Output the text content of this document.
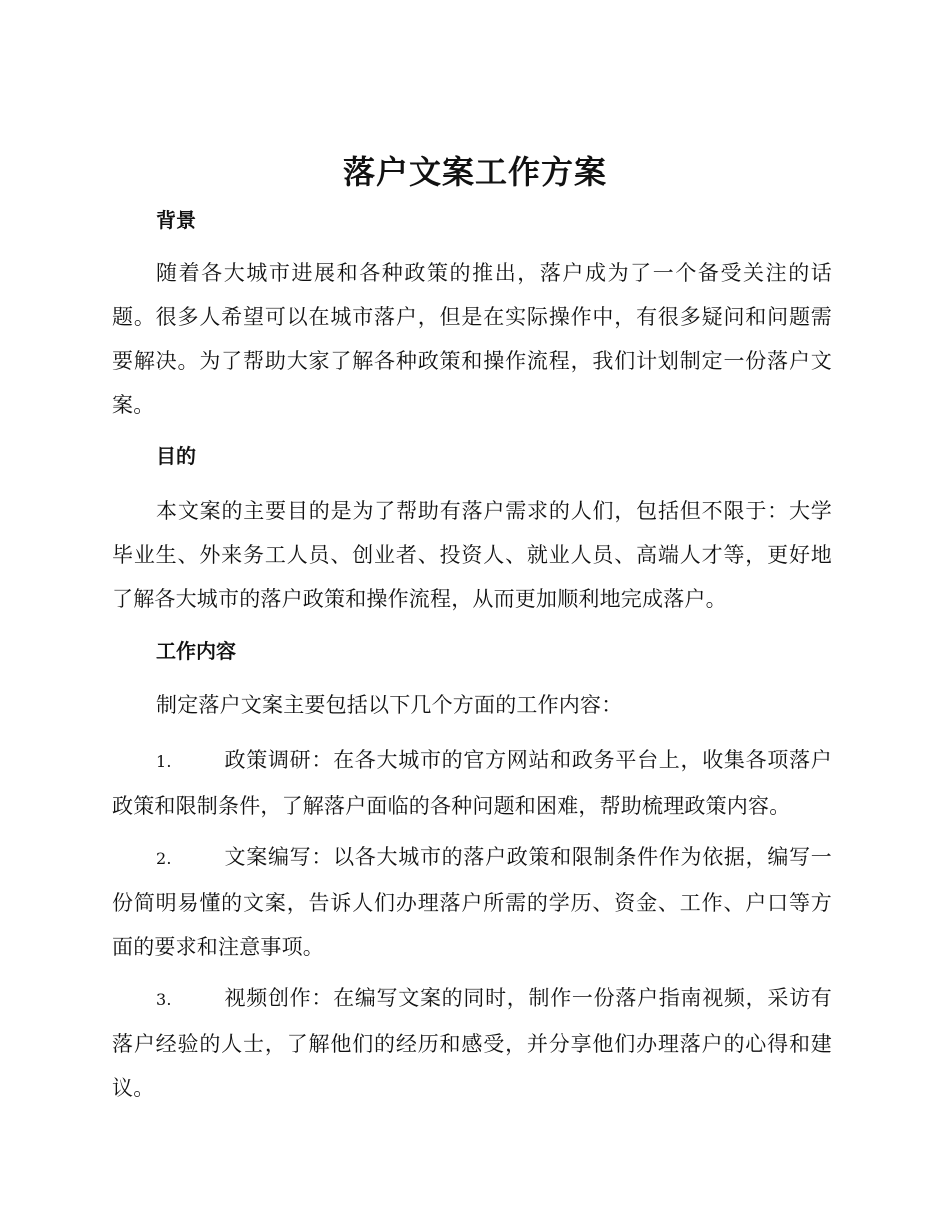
落户文案工作方案
背景
随着各大城市进展和各种政策的推出，落户成为了一个备受关注的话题。很多人希望可以在城市落户，但是在实际操作中，有很多疑问和问题需要解决。为了帮助大家了解各种政策和操作流程，我们计划制定一份落户文案。
目的
本文案的主要目的是为了帮助有落户需求的人们，包括但不限于：大学毕业生、外来务工人员、创业者、投资人、就业人员、高端人才等，更好地了解各大城市的落户政策和操作流程，从而更加顺利地完成落户。
工作内容
制定落户文案主要包括以下几个方面的工作内容：
1. 政策调研：在各大城市的官方网站和政务平台上，收集各项落户政策和限制条件，了解落户面临的各种问题和困难，帮助梳理政策内容。
2. 文案编写：以各大城市的落户政策和限制条件作为依据，编写一份简明易懂的文案，告诉人们办理落户所需的学历、资金、工作、户口等方面的要求和注意事项。
3. 视频创作：在编写文案的同时，制作一份落户指南视频，采访有落户经验的人士，了解他们的经历和感受，并分享他们办理落户的心得和建议。
